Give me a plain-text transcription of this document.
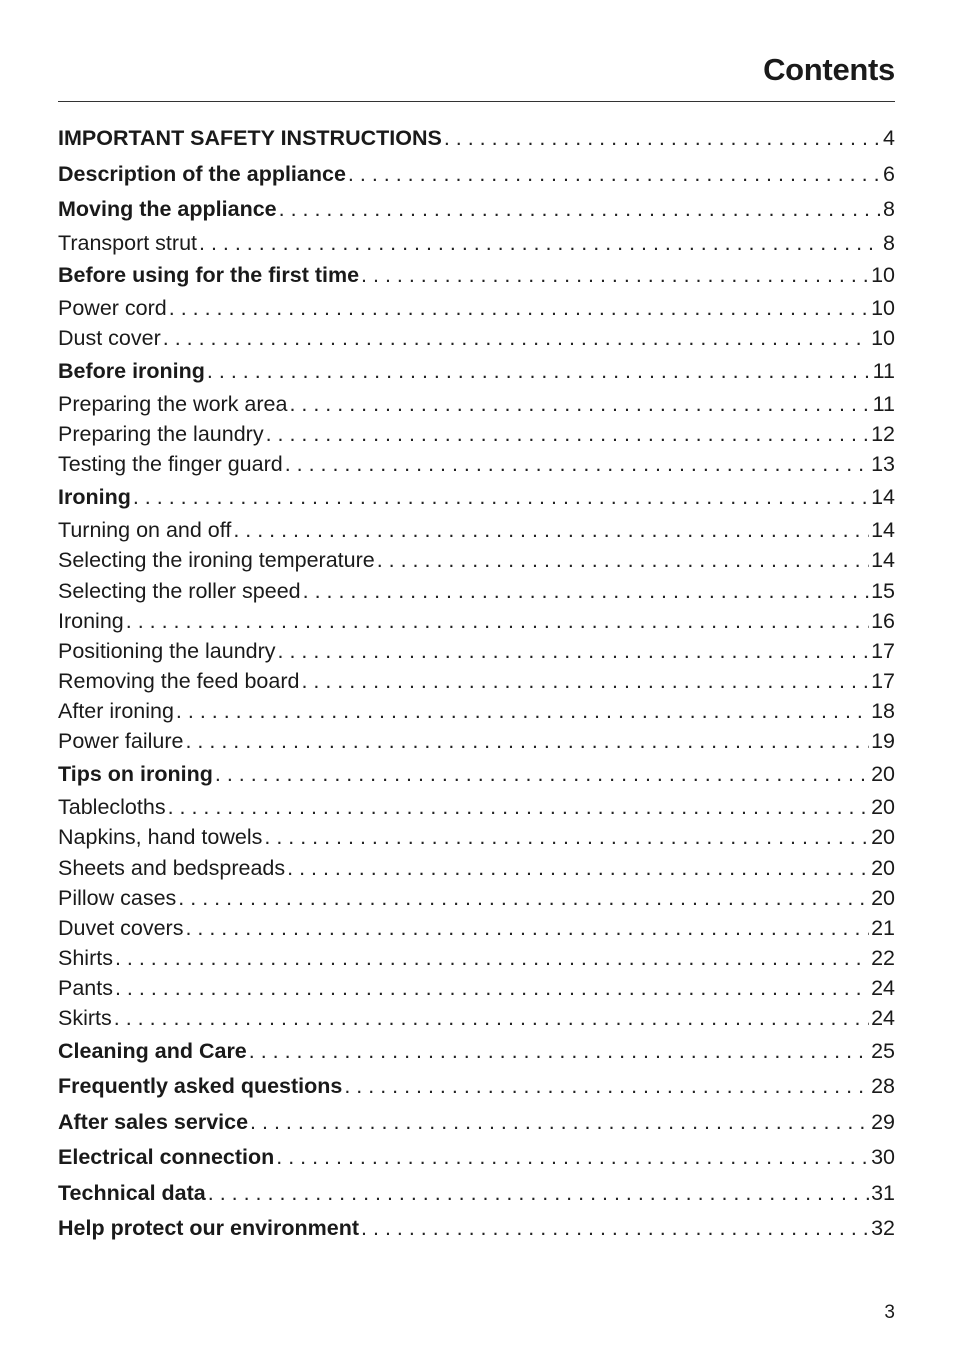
Contents
IMPORTANT SAFETY INSTRUCTIONS . . .	4
Description of the appliance . . .	6
Moving the appliance . . .	8
Transport strut . . .	8
Before using for the first time . . .	10
Power cord . . .	10
Dust cover . . .	10
Before ironing . . .	11
Preparing the work area . . .	11
Preparing the laundry . . .	12
Testing the finger guard . . .	13
Ironing . . .	14
Turning on and off . . .	14
Selecting the ironing temperature . . .	14
Selecting the roller speed . . .	15
Ironing . . .	16
Positioning the laundry . . .	17
Removing the feed board . . .	17
After ironing . . .	18
Power failure . . .	19
Tips on ironing . . .	20
Tablecloths . . .	20
Napkins, hand towels . . .	20
Sheets and bedspreads . . .	20
Pillow cases . . .	20
Duvet covers . . .	21
Shirts . . .	22
Pants . . .	24
Skirts . . .	24
Cleaning and Care . . .	25
Frequently asked questions . . .	28
After sales service . . .	29
Electrical connection . . .	30
Technical data . . .	31
Help protect our environment . . .	32
3
